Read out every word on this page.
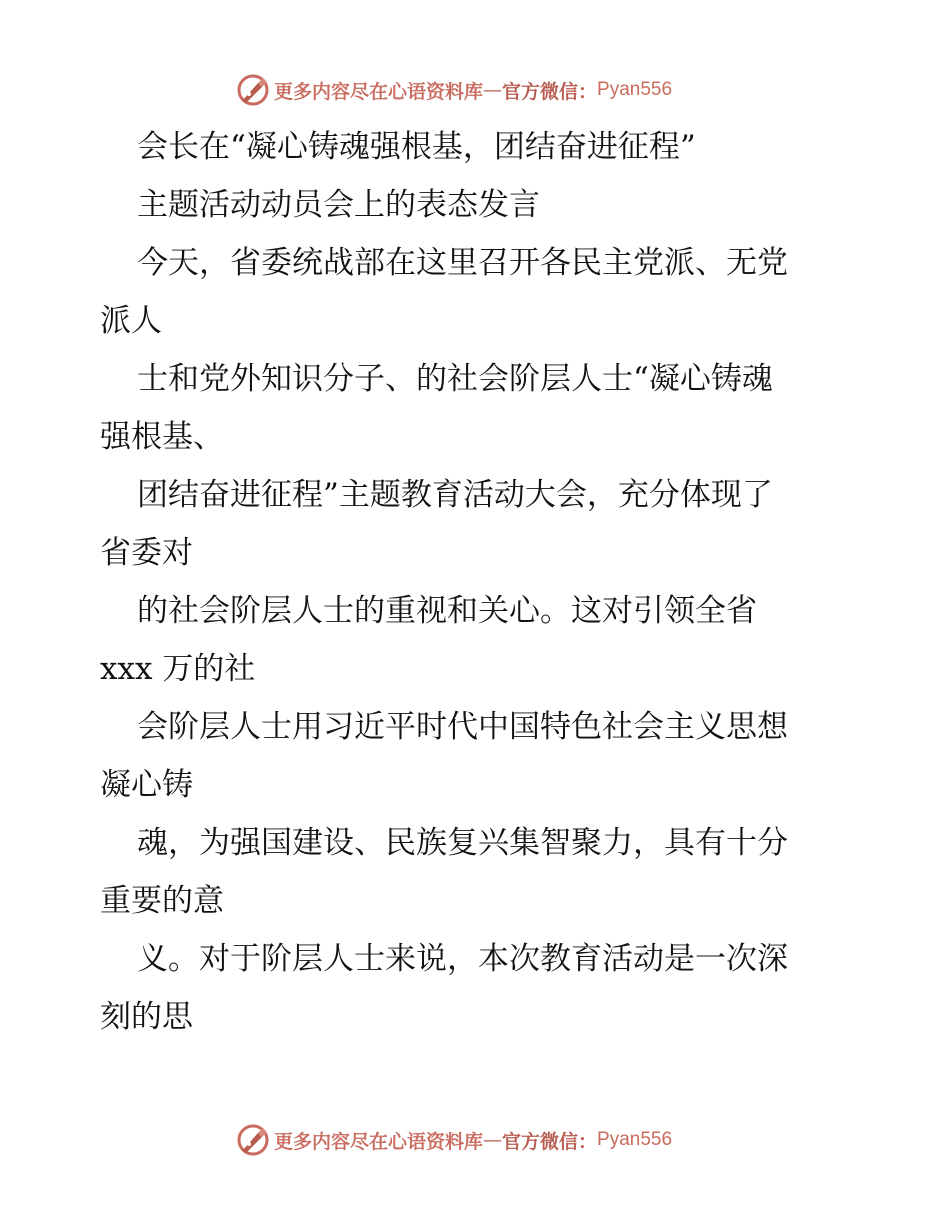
更多内容尽在心语资料库 — 官方微信： Pyan556
会长在“凝心铸魂强根基，团结奋进征程”
主题活动动员会上的表态发言
今天，省委统战部在这里召开各民主党派、无党
派人
士和党外知识分子、的社会阶层人士“凝心铸魂
强根基、
团结奋进征程”主题教育活动大会，充分体现了
省委对
的社会阶层人士的重视和关心。这对引领全省
xxx 万的社
会阶层人士用习近平时代中国特色社会主义思想
凝心铸
魂，为强国建设、民族复兴集智聚力，具有十分
重要的意
义。对于阶层人士来说，本次教育活动是一次深
刻的思
更多内容尽在心语资料库 — 官方微信： Pyan556
